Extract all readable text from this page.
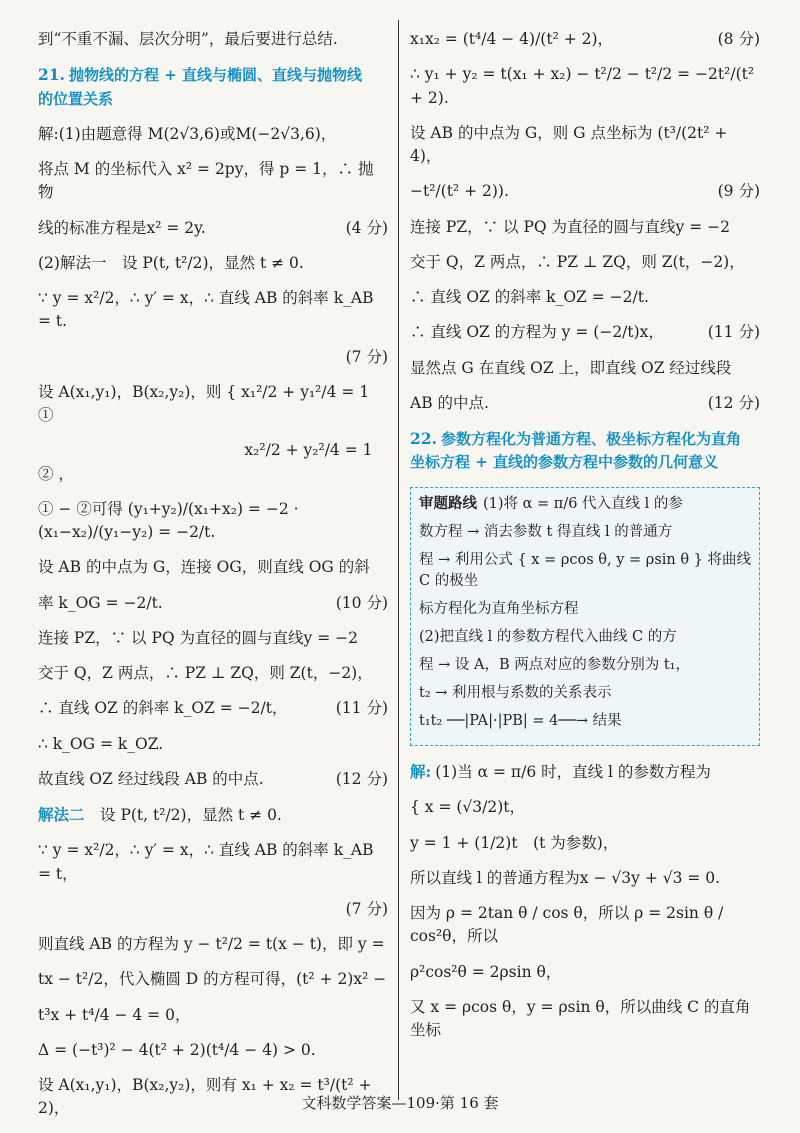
到“不重不漏、层次分明”，最后要进行总结.
21. 抛物线的方程 + 直线与椭圆、直线与抛物线
的位置关系
解:(1)由题意得 M(2√3,6)或M(−2√3,6)，
将点 M 的坐标代入 x² = 2py，得 p = 1，∴ 抛物
线的标准方程是x² = 2y.	(4 分)
(2)解法一　设 P(t, t²/2)，显然 t ≠ 0.
∵ y = x²/2，∴ y′ = x，∴ 直线 AB 的斜率 k_AB = t.
(7 分)
设 A(x₁,y₁)，B(x₂,y₂)，则 { x₁²/2 + y₁²/4 = 1　①
　　　　　　　　　　　　　 x₂²/2 + y₂²/4 = 1　② ，
① − ②可得 (y₁+y₂)/(x₁+x₂) = −2 · (x₁−x₂)/(y₁−y₂) = −2/t.
设 AB 的中点为 G，连接 OG，则直线 OG 的斜
率 k_OG = −2/t.	(10 分)
连接 PZ，∵ 以 PQ 为直径的圆与直线y = −2
交于 Q，Z 两点，∴ PZ ⊥ ZQ，则 Z(t，−2)，
∴ 直线 OZ 的斜率 k_OZ = −2/t，	(11 分)
∴ k_OG = k_OZ.
故直线 OZ 经过线段 AB 的中点.	(12 分)
解法二　设 P(t, t²/2)，显然 t ≠ 0.
∵ y = x²/2，∴ y′ = x，∴ 直线 AB 的斜率 k_AB = t，
(7 分)
则直线 AB 的方程为 y − t²/2 = t(x − t)，即 y =
tx − t²/2，代入椭圆 D 的方程可得，(t² + 2)x² −
t³x + t⁴/4 − 4 = 0，
Δ = (−t³)² − 4(t² + 2)(t⁴/4 − 4) > 0.
设 A(x₁,y₁)，B(x₂,y₂)，则有 x₁ + x₂ = t³/(t² + 2)，
x₁x₂ = (t⁴/4 − 4)/(t² + 2)，	(8 分)
∴ y₁ + y₂ = t(x₁ + x₂) − t²/2 − t²/2 = −2t²/(t² + 2).
设 AB 的中点为 G，则 G 点坐标为 (t³/(2t² + 4)，
−t²/(t² + 2)).	(9 分)
连接 PZ，∵ 以 PQ 为直径的圆与直线y = −2
交于 Q，Z 两点，∴ PZ ⊥ ZQ，则 Z(t，−2)，
∴ 直线 OZ 的斜率 k_OZ = −2/t.
∴ 直线 OZ 的方程为 y = (−2/t)x，	(11 分)
显然点 G 在直线 OZ 上，即直线 OZ 经过线段
AB 的中点.	(12 分)
22. 参数方程化为普通方程、极坐标方程化为直角
坐标方程 + 直线的参数方程中参数的几何意义
审题路线 (1)将 α = π/6 代入直线 l 的参
数方程 → 消去参数 t 得直线 l 的普通方
程 → 利用公式 { x = ρcos θ, y = ρsin θ } 将曲线 C 的极坐
标方程化为直角坐标方程
(2)把直线 l 的参数方程代入曲线 C 的方
程 → 设 A，B 两点对应的参数分别为 t₁，
t₂ → 利用根与系数的关系表示
t₁t₂ ──|PA|·|PB| = 4──→ 结果
解: (1)当 α = π/6 时，直线 l 的参数方程为
{ x = (√3/2)t，
y = 1 + (1/2)t　(t 为参数)，
所以直线 l 的普通方程为x − √3y + √3 = 0.
因为 ρ = 2tan θ / cos θ，所以 ρ = 2sin θ / cos²θ，所以
ρ²cos²θ = 2ρsin θ，
又 x = ρcos θ，y = ρsin θ，所以曲线 C 的直角坐标
文科数学答案—109·第 16 套
